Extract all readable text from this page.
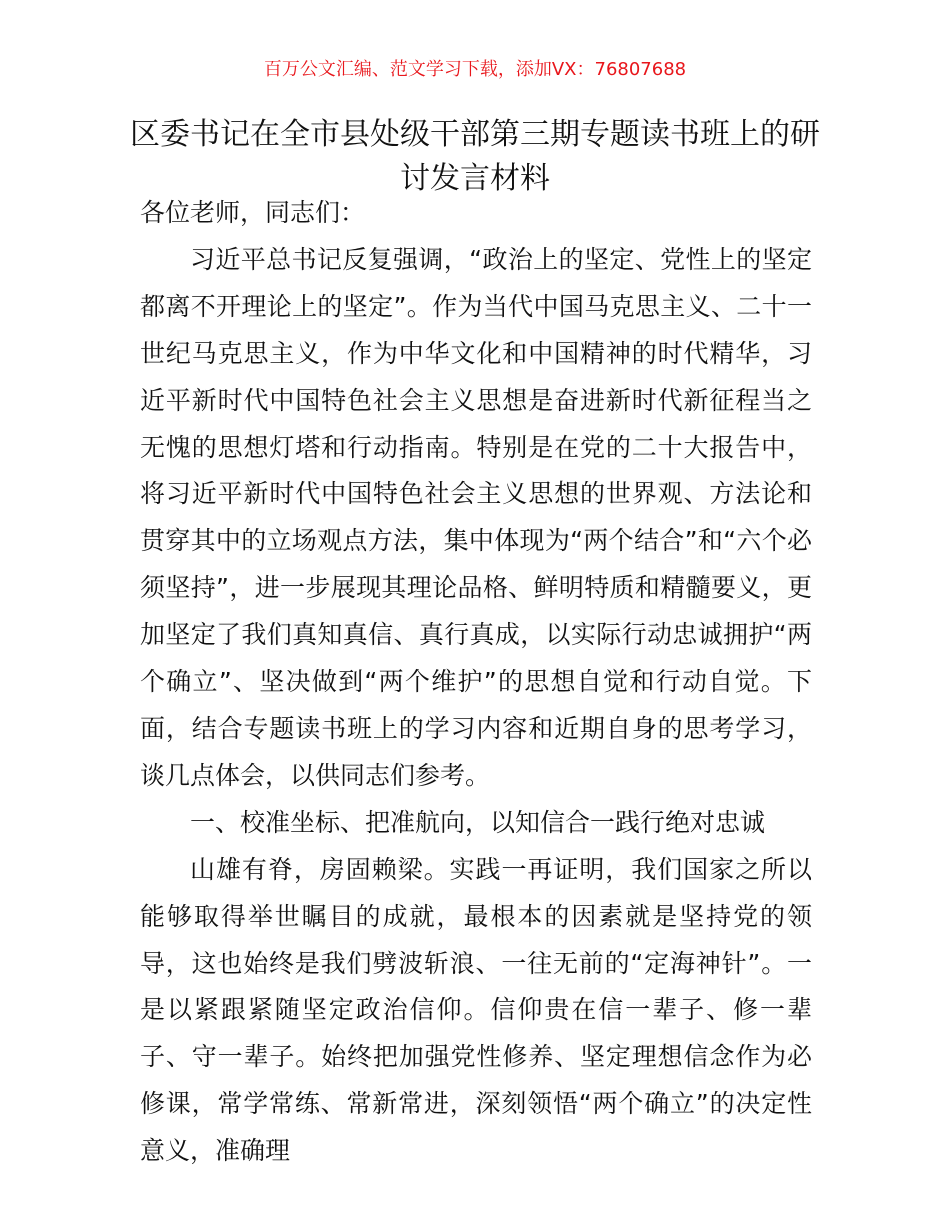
百万公文汇编、范文学习下载，添加VX：76807688
区委书记在全市县处级干部第三期专题读书班上的研讨发言材料

各位老师，同志们：

习近平总书记反复强调，“政治上的坚定、党性上的坚定都离不开理论上的坚定”。作为当代中国马克思主义、二十一世纪马克思主义，作为中华文化和中国精神的时代精华，习近平新时代中国特色社会主义思想是奋进新时代新征程当之无愧的思想灯塔和行动指南。特别是在党的二十大报告中，将习近平新时代中国特色社会主义思想的世界观、方法论和贯穿其中的立场观点方法，集中体现为“两个结合”和“六个必须坚持”，进一步展现其理论品格、鲜明特质和精髓要义，更加坚定了我们真知真信、真行真成，以实际行动忠诚拥护“两个确立”、坚决做到“两个维护”的思想自觉和行动自觉。下面，结合专题读书班上的学习内容和近期自身的思考学习，谈几点体会，以供同志们参考。

一、校准坐标、把准航向，以知信合一践行绝对忠诚

山雄有脊，房固赖梁。实践一再证明，我们国家之所以能够取得举世瞩目的成就，最根本的因素就是坚持党的领导，这也始终是我们劈波斩浪、一往无前的“定海神针”。一是以紧跟紧随坚定政治信仰。信仰贵在信一辈子、修一辈子、守一辈子。始终把加强党性修养、坚定理想信念作为必修课，常学常练、常新常进，深刻领悟“两个确立”的决定性意义，准确理
